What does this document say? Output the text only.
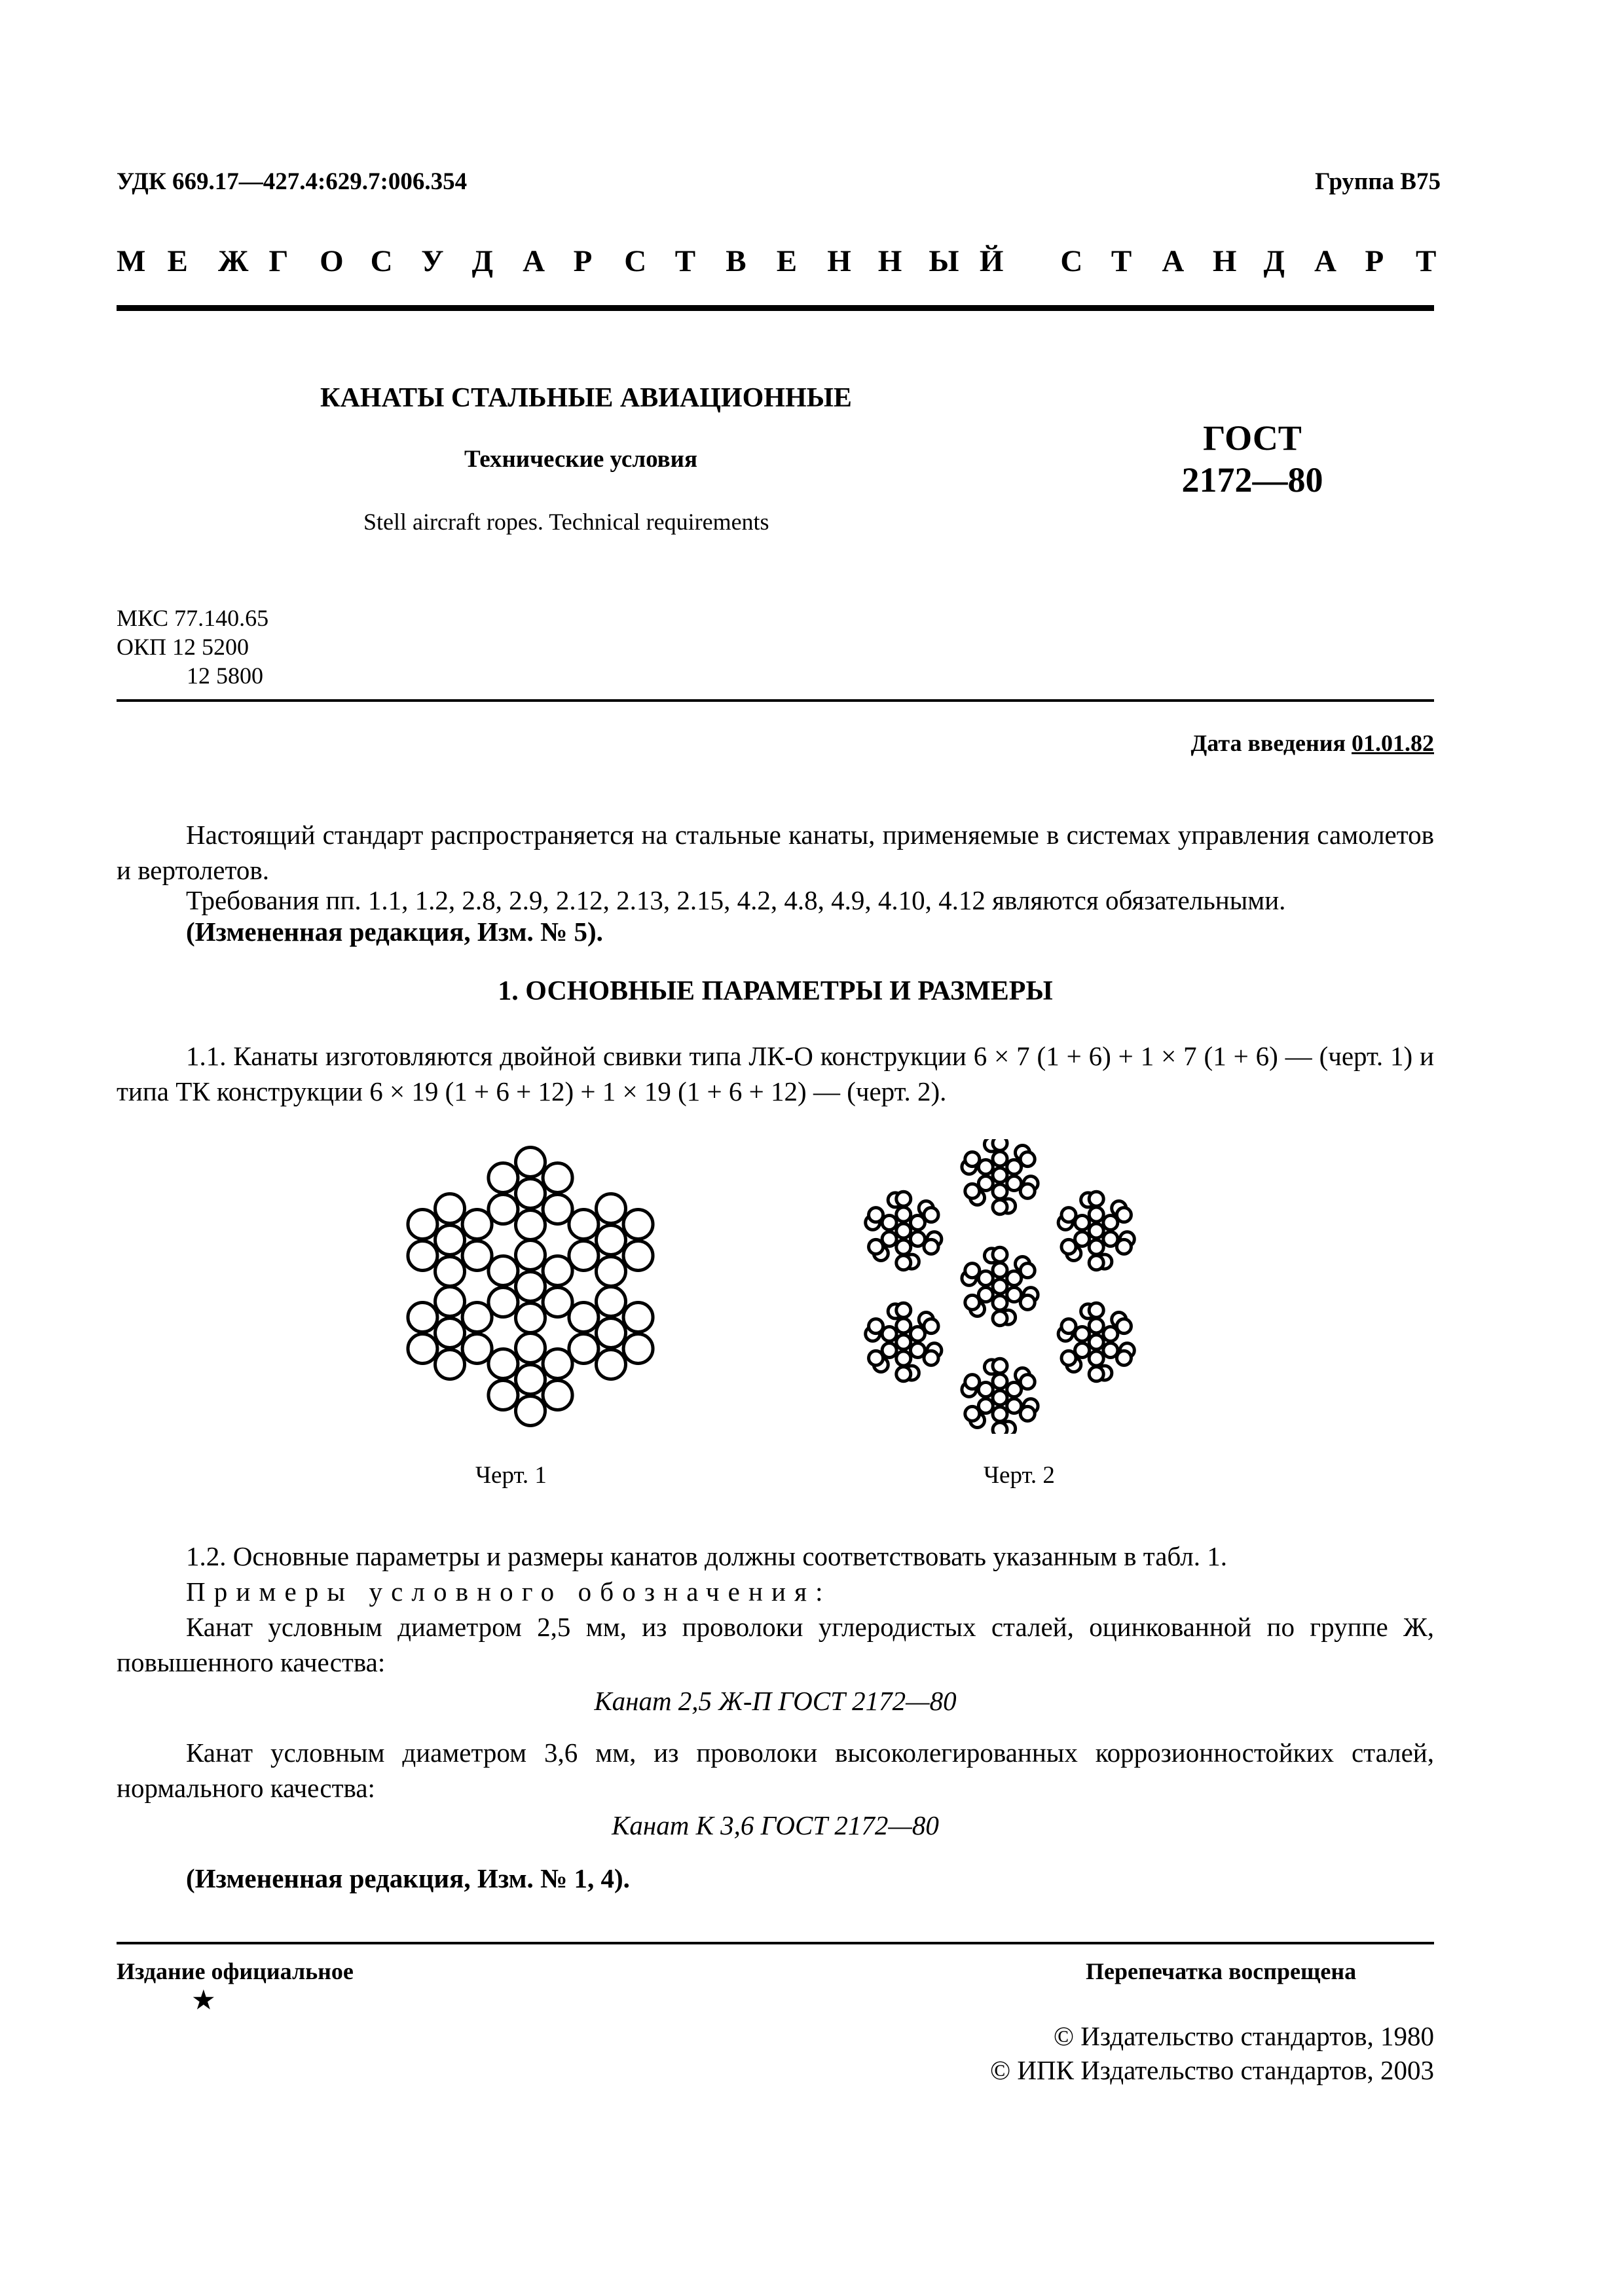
УДК 669.17—427.4:629.7:006.354	Группа В75
М Е Ж Г О С У Д А Р С Т В Е Н Н Ы Й С Т А Н Д А Р Т
КАНАТЫ СТАЛЬНЫЕ АВИАЦИОННЫЕ
Технические условия
Stell aircraft ropes. Technical requirements
ГОСТ
2172—80
МКС 77.140.65
ОКП 12 5200
12 5800
Дата введения 01.01.82
Настоящий стандарт распространяется на стальные канаты, применяемые в системах управления самолетов и вертолетов.
Требования пп. 1.1, 1.2, 2.8, 2.9, 2.12, 2.13, 2.15, 4.2, 4.8, 4.9, 4.10, 4.12 являются обязательными.
(Измененная редакция, Изм. № 5).
1. ОСНОВНЫЕ ПАРАМЕТРЫ И РАЗМЕРЫ
1.1. Канаты изготовляются двойной свивки типа ЛК-О конструкции 6 × 7 (1 + 6) + 1 × 7 (1 + 6) — (черт. 1) и типа ТК конструкции 6 × 19 (1 + 6 + 12) + 1 × 19 (1 + 6 + 12) — (черт. 2).
Черт. 1	Черт. 2
1.2. Основные параметры и размеры канатов должны соответствовать указанным в табл. 1.
Примеры условного обозначения:
Канат условным диаметром 2,5 мм, из проволоки углеродистых сталей, оцинкованной по группе Ж, повышенного качества:
Канат 2,5 Ж-П ГОСТ 2172—80
Канат условным диаметром 3,6 мм, из проволоки высоколегированных коррозионностойких сталей, нормального качества:
Канат К 3,6 ГОСТ 2172—80
(Измененная редакция, Изм. № 1, 4).
Издание официальное
★
Перепечатка воспрещена
© Издательство стандартов, 1980
© ИПК Издательство стандартов, 2003
